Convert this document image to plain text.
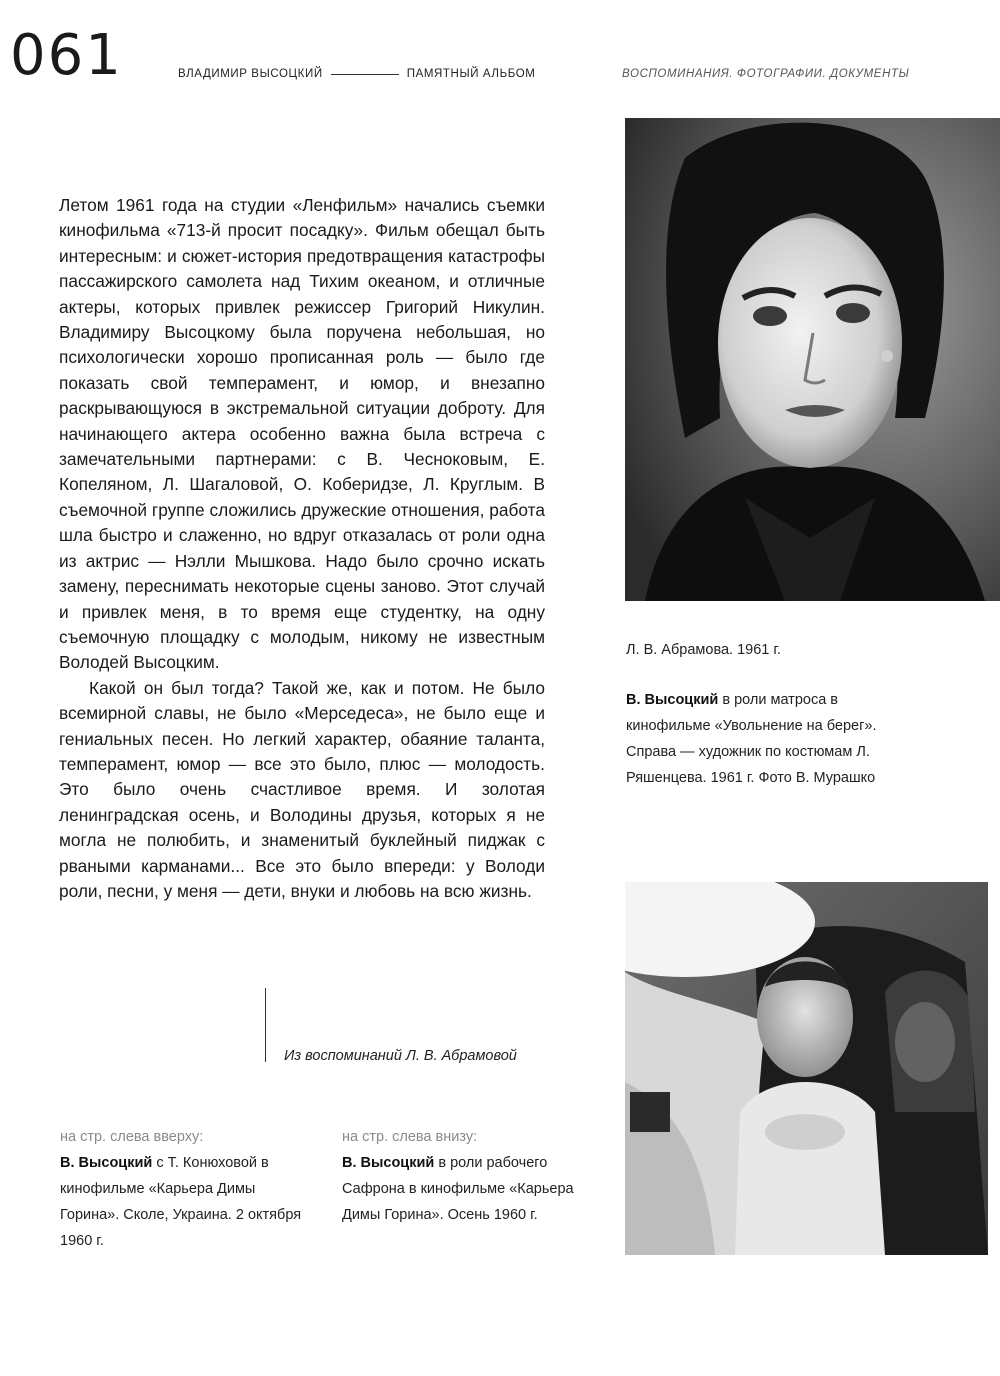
061	ВЛАДИМИР ВЫСОЦКИЙ	ПАМЯТНЫЙ АЛЬБОМ	ВОСПОМИНАНИЯ. ФОТОГРАФИИ. ДОКУМЕНТЫ

Летом 1961 года на студии «Ленфильм» начались съемки кинофильма «713-й просит посадку». Фильм обещал быть интересным: и сюжет-история предотвращения катастрофы пассажирского самолета над Тихим океаном, и отличные актеры, которых привлек режиссер Григорий Никулин. Владимиру Высоцкому была поручена небольшая, но психологически хорошо прописанная роль — было где показать свой темперамент, и юмор, и внезапно раскрывающуюся в экстремальной ситуации доброту. Для начинающего актера особенно важна была встреча с замечательными партнерами: с В. Чесноковым, Е. Копеляном, Л. Шагаловой, О. Коберидзе, Л. Круглым. В съемочной группе сложились дружеские отношения, работа шла быстро и слаженно, но вдруг отказалась от роли одна из актрис — Нэлли Мышкова. Надо было срочно искать замену, переснимать некоторые сцены заново. Этот случай и привлек меня, в то время еще студентку, на одну съемочную площадку с молодым, никому не известным Володей Высоцким.

Какой он был тогда? Такой же, как и потом. Не было всемирной славы, не было «Мерседеса», не было еще и гениальных песен. Но легкий характер, обаяние таланта, темперамент, юмор — все это было, плюс — молодость. Это было очень счастливое время. И золотая ленинградская осень, и Володины друзья, которых я не могла не полюбить, и знаменитый буклейный пиджак с рваными карманами... Все это было впереди: у Володи роли, песни, у меня — дети, внуки и любовь на всю жизнь.

Из воспоминаний Л. В. Абрамовой
Л. В. Абрамова. 1961 г.
В. Высоцкий в роли матроса в кинофильме «Увольнение на берег». Справа — художник по костюмам Л. Ряшенцева. 1961 г. Фото В. Мурашко
на стр. слева вверху:
В. Высоцкий с Т. Конюховой в кинофильме «Карьера Димы Горина». Сколе, Украина. 2 октября 1960 г.
на стр. слева внизу:
В. Высоцкий в роли рабочего Сафрона в кинофильме «Карьера Димы Горина». Осень 1960 г.
